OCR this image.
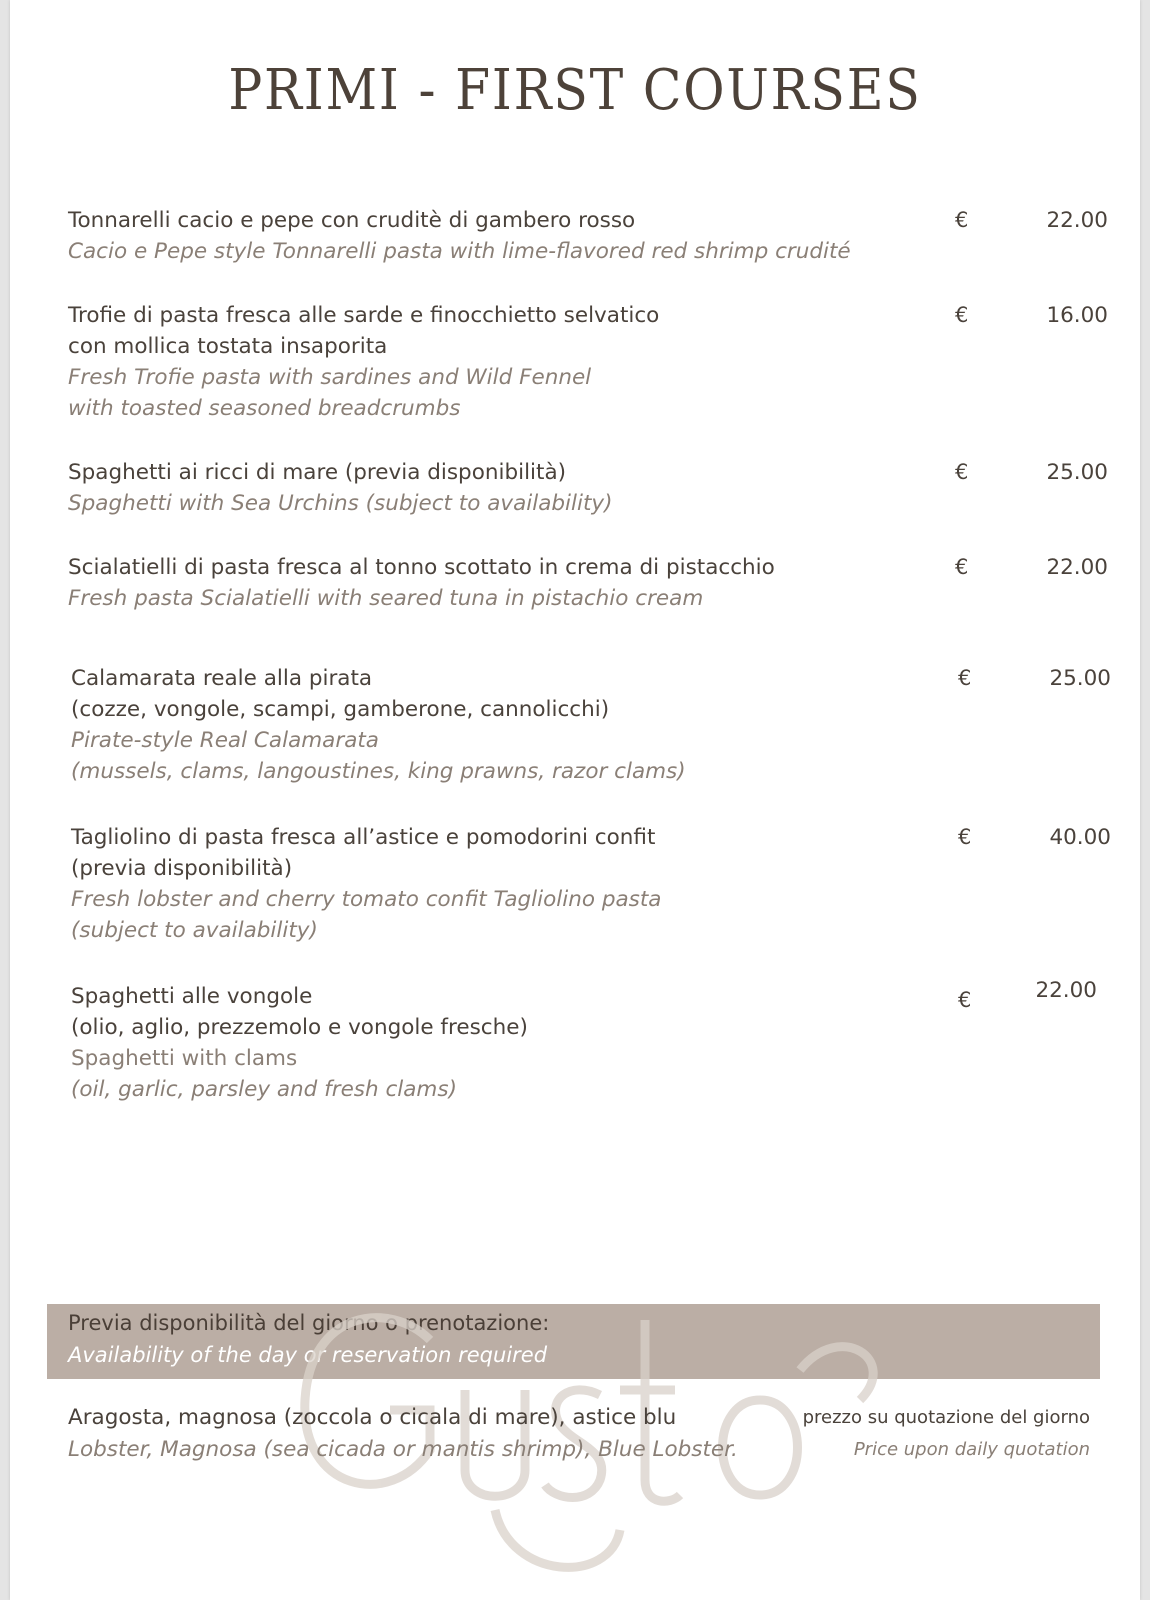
PRIMI - FIRST COURSES
Tonnarelli cacio e pepe con cruditè di gambero rosso
Cacio e Pepe style Tonnarelli pasta with lime-flavored red shrimp crudité
€	22.00
Trofie di pasta fresca alle sarde e finocchietto selvatico
con mollica tostata insaporita
Fresh Trofie pasta with sardines and Wild Fennel
with toasted seasoned breadcrumbs
€	16.00
Spaghetti ai ricci di mare (previa disponibilità)
Spaghetti with Sea Urchins (subject to availability)
€	25.00
Scialatielli di pasta fresca al tonno scottato in crema di pistacchio
Fresh pasta Scialatielli with seared tuna in pistachio cream
€	22.00
Calamarata reale alla pirata
(cozze, vongole, scampi, gamberone, cannolicchi)
Pirate-style Real Calamarata
(mussels, clams, langoustines, king prawns, razor clams)
€	25.00
Tagliolino di pasta fresca all’astice e pomodorini confit
(previa disponibilità)
Fresh lobster and cherry tomato confit Tagliolino pasta
(subject to availability)
€	40.00
Spaghetti alle vongole
(olio, aglio, prezzemolo e vongole fresche)
Spaghetti with clams
(oil, garlic, parsley and fresh clams)
€	22.00
Previa disponibilità del giorno o prenotazione:
Availability of the day or reservation required
Aragosta, magnosa (zoccola o cicala di mare), astice blu
Lobster, Magnosa (sea cicada or mantis shrimp), Blue Lobster.
prezzo su quotazione del giorno
Price upon daily quotation
